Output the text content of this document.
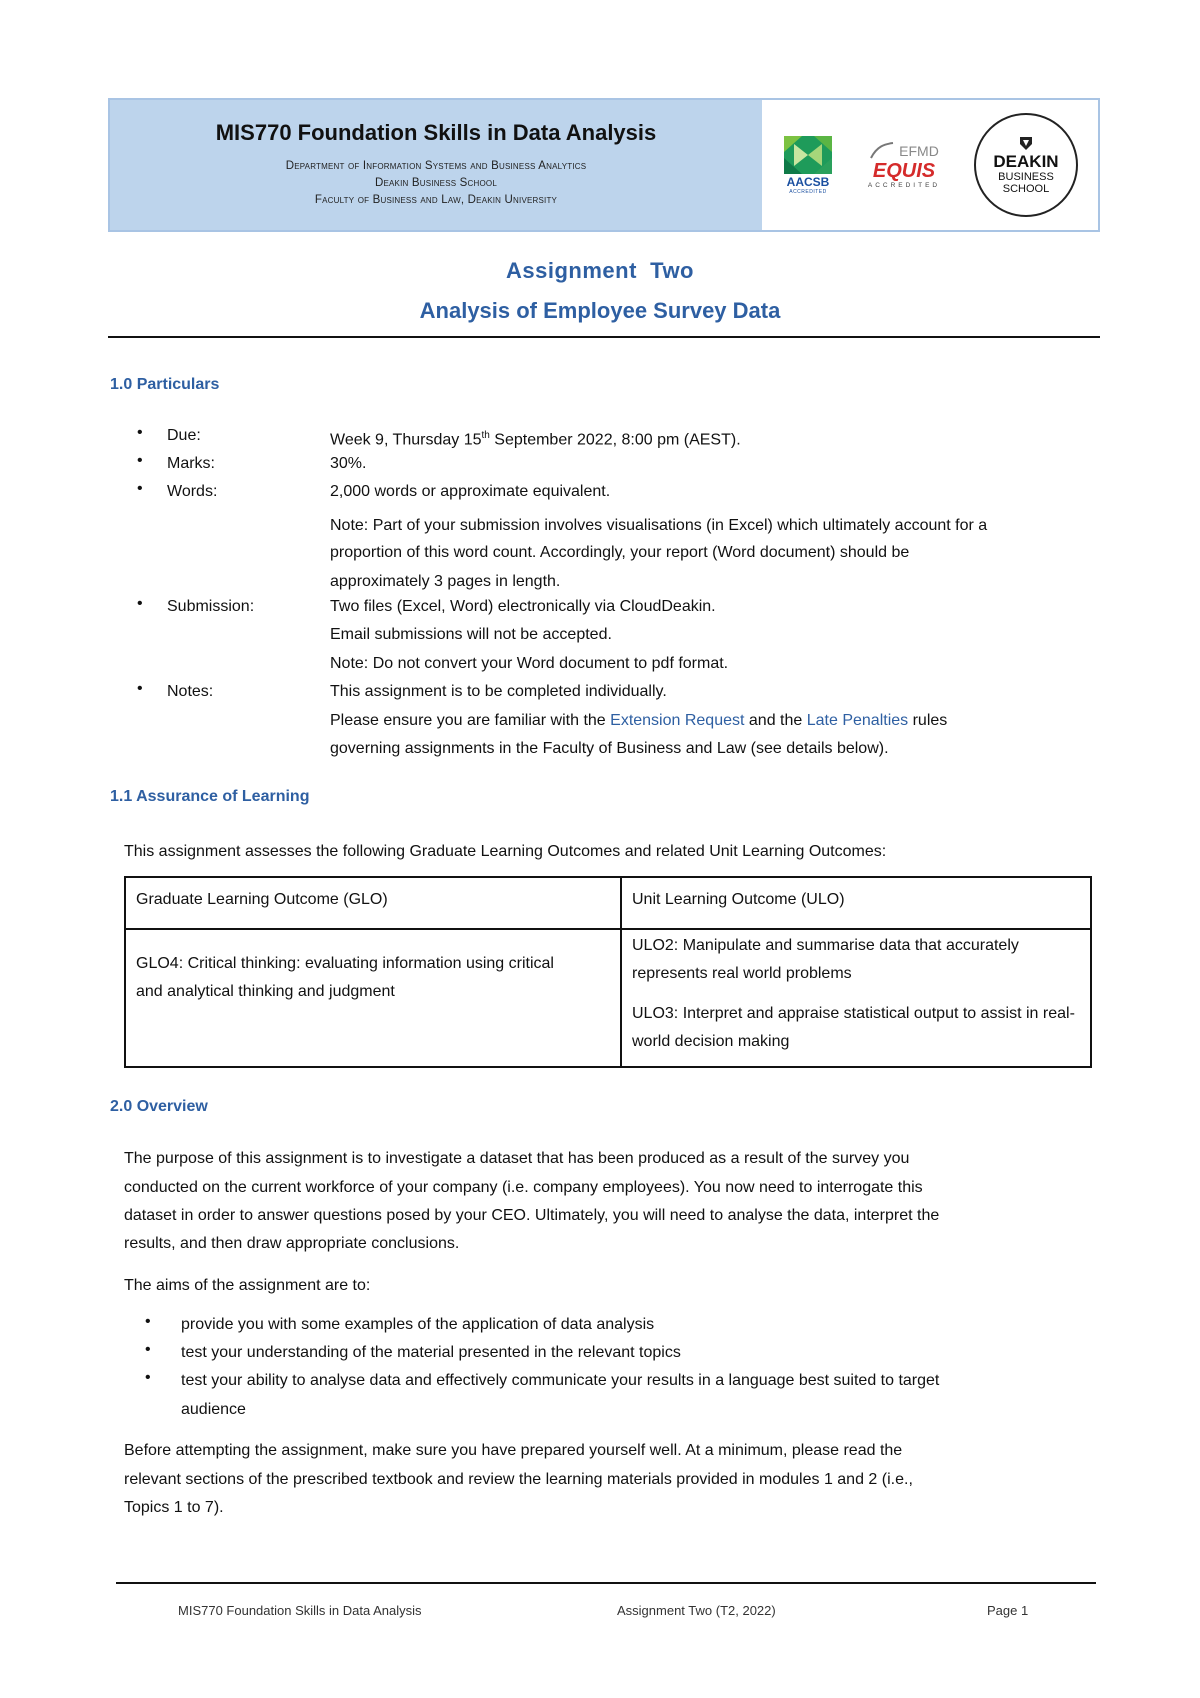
MIS770 Foundation Skills in Data Analysis
Department of Information Systems and Business Analytics
Deakin Business School
Faculty of Business and Law, Deakin University
AACSB
ACCREDITED
EFMD
EQUIS
ACCREDITED
DEAKIN
BUSINESS
SCHOOL
Assignment  Two
Analysis of Employee Survey Data
1.0 Particulars
• Due:	Week 9, Thursday 15th September 2022, 8:00 pm (AEST).
• Marks:	30%.
• Words:	2,000 words or approximate equivalent.
Note: Part of your submission involves visualisations (in Excel) which ultimately account for a
proportion of this word count. Accordingly, your report (Word document) should be
approximately 3 pages in length.
• Submission:	Two files (Excel, Word) electronically via CloudDeakin.
Email submissions will not be accepted.
Note: Do not convert your Word document to pdf format.
• Notes:	This assignment is to be completed individually.
Please ensure you are familiar with the Extension Request and the Late Penalties rules
governing assignments in the Faculty of Business and Law (see details below).
1.1 Assurance of Learning
This assignment assesses the following Graduate Learning Outcomes and related Unit Learning Outcomes:
Graduate Learning Outcome (GLO)	Unit Learning Outcome (ULO)

GLO4: Critical thinking: evaluating information using critical and analytical thinking and judgment	ULO2: Manipulate and summarise data that accurately represents real world problems
ULO3: Interpret and appraise statistical output to assist in real-world decision making
2.0 Overview
The purpose of this assignment is to investigate a dataset that has been produced as a result of the survey you
conducted on the current workforce of your company (i.e. company employees). You now need to interrogate this
dataset in order to answer questions posed by your CEO. Ultimately, you will need to analyse the data, interpret the
results, and then draw appropriate conclusions.
The aims of the assignment are to:
• provide you with some examples of the application of data analysis
• test your understanding of the material presented in the relevant topics
• test your ability to analyse data and effectively communicate your results in a language best suited to target
audience
Before attempting the assignment, make sure you have prepared yourself well. At a minimum, please read the
relevant sections of the prescribed textbook and review the learning materials provided in modules 1 and 2 (i.e.,
Topics 1 to 7).
MIS770 Foundation Skills in Data Analysis	Assignment Two (T2, 2022)	Page 1
